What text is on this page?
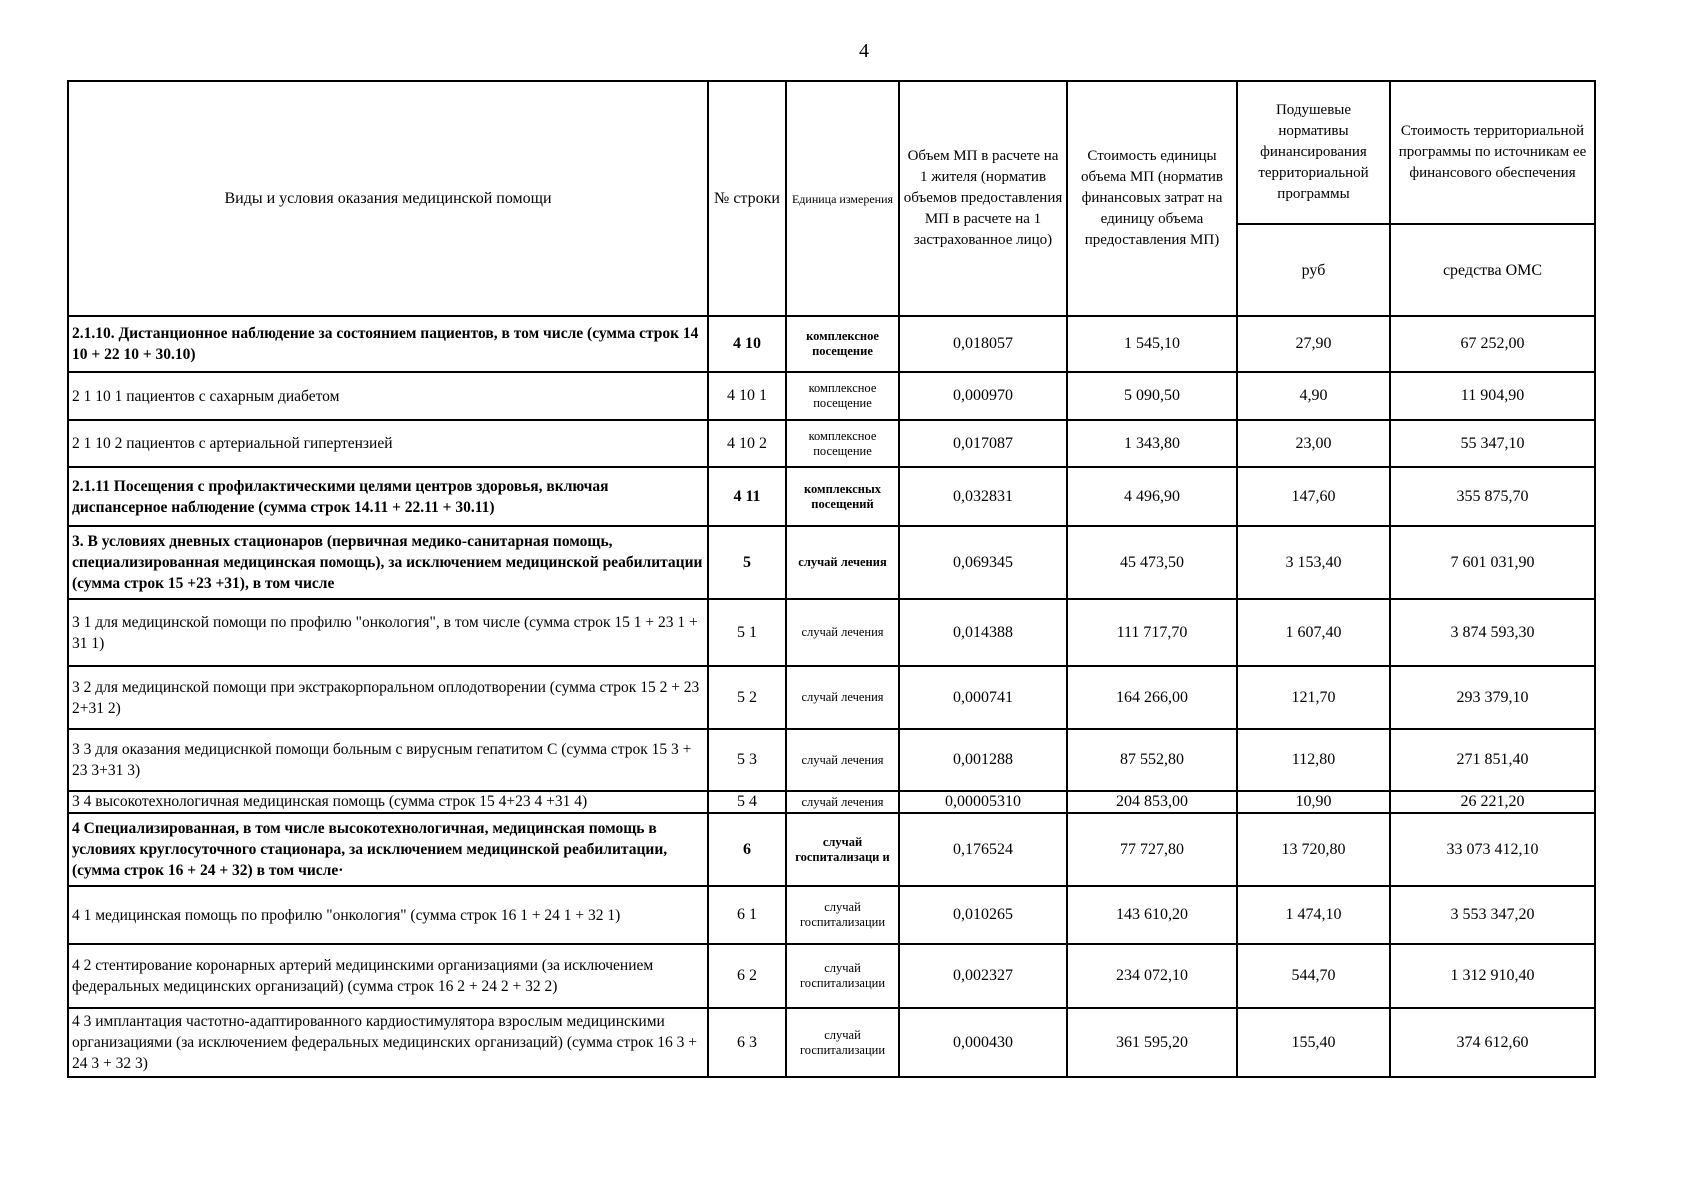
4
Виды и условия оказания медицинской помощи	№ строки	Единица измерения	Объем МП в расчете на 1 жителя (норматив объемов предоставления МП в расчете на 1 застрахованное лицо)	Стоимость единицы объема МП (норматив финансовых затрат на единицу объема предоставления МП)	Подушевые нормативы финансирования территориальной программы	Стоимость территориальной программы по источникам ее финансового обеспечения
					руб	средства ОМС
2.1.10. Дистанционное наблюдение за состоянием пациентов, в том числе (сумма строк 14 10 + 22 10 + 30.10)	4 10	комплексное посещение	0,018057	1 545,10	27,90	67 252,00
2 1 10 1 пациентов с сахарным диабетом	4 10 1	комплексное посещение	0,000970	5 090,50	4,90	11 904,90
2 1 10 2 пациентов с артериальной гипертензией	4 10 2	комплексное посещение	0,017087	1 343,80	23,00	55 347,10
2.1.11 Посещения с профилактическими целями центров здоровья, включая диспансерное наблюдение (сумма строк 14.11 + 22.11 + 30.11)	4 11	комплексных посещений	0,032831	4 496,90	147,60	355 875,70
3. В условиях дневных стационаров (первичная медико-санитарная помощь, специализированная медицинская помощь), за исключением медицинской реабилитации (сумма строк 15 +23 +31), в том числе	5	случай лечения	0,069345	45 473,50	3 153,40	7 601 031,90
3 1 для медицинской помощи по профилю "онкология", в том числе (сумма строк 15 1 + 23 1 + 31 1)	5 1	случай лечения	0,014388	111 717,70	1 607,40	3 874 593,30
3 2 для медицинской помощи при экстракорпоральном оплодотворении (сумма строк 15 2 + 23 2+31 2)	5 2	случай лечения	0,000741	164 266,00	121,70	293 379,10
3 3 для оказания медициснкой помощи больным с вирусным гепатитом С (сумма строк 15 3 + 23 3+31 3)	5 3	случай лечения	0,001288	87 552,80	112,80	271 851,40
3 4 высокотехнологичная медицинская помощь (сумма строк 15 4+23 4 +31 4)	5 4	случай лечения	0,00005310	204 853,00	10,90	26 221,20
4 Специализированная, в том числе высокотехнологичная, медицинская помощь в условиях круглосуточного стационара, за исключением медицинской реабилитации, (сумма строк 16 + 24 + 32) в том числе·	6	случай госпитализаци и	0,176524	77 727,80	13 720,80	33 073 412,10
4 1 медицинская помощь по профилю "онкология" (сумма строк 16 1 + 24 1 + 32 1)	6 1	случай госпитализации	0,010265	143 610,20	1 474,10	3 553 347,20
4 2 стентирование коронарных артерий медицинскими организациями (за исключением федеральных медицинских организаций) (сумма строк 16 2 + 24 2 + 32 2)	6 2	случай госпитализации	0,002327	234 072,10	544,70	1 312 910,40
4 3 имплантация частотно-адаптированного кардиостимулятора взрослым медицинскими организациями (за исключением федеральных медицинских организаций) (сумма строк 16 3 + 24 3 + 32 3)	6 3	случай госпитализации	0,000430	361 595,20	155,40	374 612,60
